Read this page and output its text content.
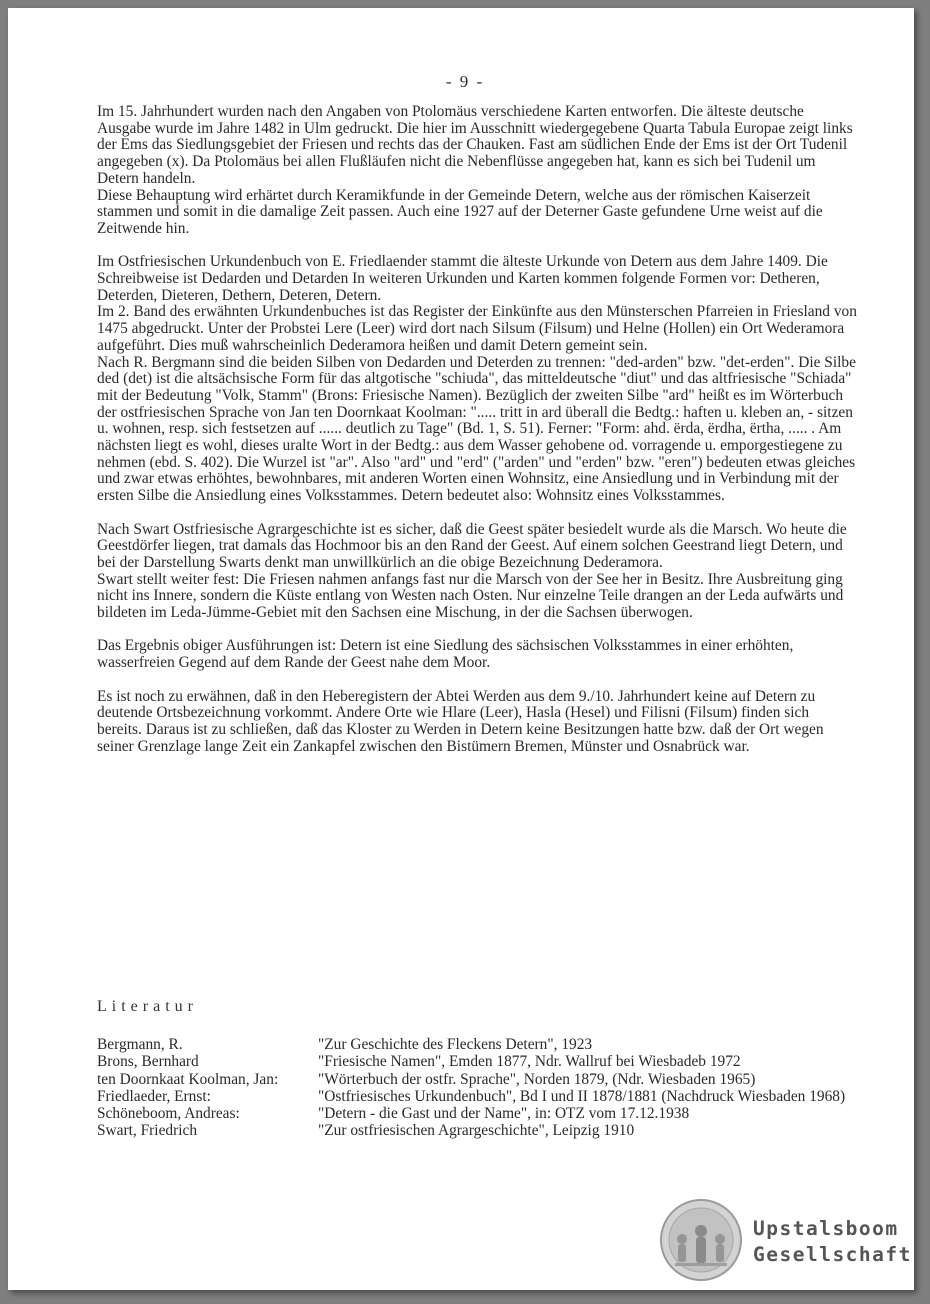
- 9 -

Im 15. Jahrhundert wurden nach den Angaben von Ptolomäus verschiedene Karten entworfen. Die älteste deutsche Ausgabe wurde im Jahre 1482 in Ulm gedruckt. Die hier im Ausschnitt wiedergegebene Quarta Tabula Europae zeigt links der Ems das Siedlungsgebiet der Friesen und rechts das der Chauken. Fast am südlichen Ende der Ems ist der Ort Tudenil angegeben (x). Da Ptolomäus bei allen Flußläufen nicht die Nebenflüsse angegeben hat, kann es sich bei Tudenil um Detern handeln.

Diese Behauptung wird erhärtet durch Keramikfunde in der Gemeinde Detern, welche aus der römischen Kaiserzeit stammen und somit in die damalige Zeit passen. Auch eine 1927 auf der Deterner Gaste gefundene Urne weist auf die Zeitwende hin.

Im Ostfriesischen Urkundenbuch von E. Friedlaender stammt die älteste Urkunde von Detern aus dem Jahre 1409. Die Schreibweise ist Dedarden und Detarden In weiteren Urkunden und Karten kommen folgende Formen vor: Detheren, Deterden, Dieteren, Dethern, Deteren, Detern.

Im 2. Band des erwähnten Urkundenbuches ist das Register der Einkünfte aus den Münsterschen Pfarreien in Friesland von 1475 abgedruckt. Unter der Probstei Lere (Leer) wird dort nach Silsum (Filsum) und Helne (Hollen) ein Ort Wederamora aufgeführt. Dies muß wahrscheinlich Dederamora heißen und damit Detern gemeint sein.

Nach R. Bergmann sind die beiden Silben von Dedarden und Deterden zu trennen: "ded-arden" bzw. "det-erden". Die Silbe ded (det) ist die altsächsische Form für das altgotische "schiuda", das mitteldeutsche "diut" und das altfriesische "Schiada" mit der Bedeutung "Volk, Stamm" (Brons: Friesische Namen). Bezüglich der zweiten Silbe "ard" heißt es im Wörterbuch der ostfriesischen Sprache von Jan ten Doornkaat Koolman: "..... tritt in ard überall die Bedtg.: haften u. kleben an, - sitzen u. wohnen, resp. sich festsetzen auf ...... deutlich zu Tage" (Bd. 1, S. 51). Ferner: "Form: ahd. ërda, ërdha, ërtha, ..... . Am nächsten liegt es wohl, dieses uralte Wort in der Bedtg.: aus dem Wasser gehobene od. vorragende u. emporgestiegene zu nehmen (ebd. S. 402). Die Wurzel ist "ar". Also "ard" und "erd" ("arden" und "erden" bzw. "eren") bedeuten etwas gleiches und zwar etwas erhöhtes, bewohnbares, mit anderen Worten einen Wohnsitz, eine Ansiedlung und in Verbindung mit der ersten Silbe die Ansiedlung eines Volksstammes. Detern bedeutet also: Wohnsitz eines Volksstammes.

Nach Swart Ostfriesische Agrargeschichte ist es sicher, daß die Geest später besiedelt wurde als die Marsch. Wo heute die Geestdörfer liegen, trat damals das Hochmoor bis an den Rand der Geest. Auf einem solchen Geestrand liegt Detern, und bei der Darstellung Swarts denkt man unwillkürlich an die obige Bezeichnung Dederamora.

Swart stellt weiter fest: Die Friesen nahmen anfangs fast nur die Marsch von der See her in Besitz. Ihre Ausbreitung ging nicht ins Innere, sondern die Küste entlang von Westen nach Osten. Nur einzelne Teile drangen an der Leda aufwärts und bildeten im Leda-Jümme-Gebiet mit den Sachsen eine Mischung, in der die Sachsen überwogen.

Das Ergebnis obiger Ausführungen ist: Detern ist eine Siedlung des sächsischen Volksstammes in einer erhöhten, wasserfreien Gegend auf dem Rande der Geest nahe dem Moor.

Es ist noch zu erwähnen, daß in den Heberegistern der Abtei Werden aus dem 9./10. Jahrhundert keine auf Detern zu deutende Ortsbezeichnung vorkommt. Andere Orte wie Hlare (Leer), Hasla (Hesel) und Filisni (Filsum) finden sich bereits. Daraus ist zu schließen, daß das Kloster zu Werden in Detern keine Besitzungen hatte bzw. daß der Ort wegen seiner Grenzlage lange Zeit ein Zankapfel zwischen den Bistümern Bremen, Münster und Osnabrück war.

Literatur
Bergmann, R.	"Zur Geschichte des Fleckens Detern", 1923
Brons, Bernhard	"Friesische Namen", Emden 1877, Ndr. Wallruf bei Wiesbadeb 1972
ten Doornkaat Koolman, Jan:	"Wörterbuch der ostfr. Sprache", Norden 1879, (Ndr. Wiesbaden 1965)
Friedlaeder, Ernst:	"Ostfriesisches Urkundenbuch", Bd I und II 1878/1881 (Nachdruck Wiesbaden 1968)
Schöneboom, Andreas:	"Detern - die Gast und der Name", in: OTZ vom 17.12.1938
Swart, Friedrich	"Zur ostfriesischen Agrargeschichte", Leipzig 1910
Upstalsboom
Gesellschaft
